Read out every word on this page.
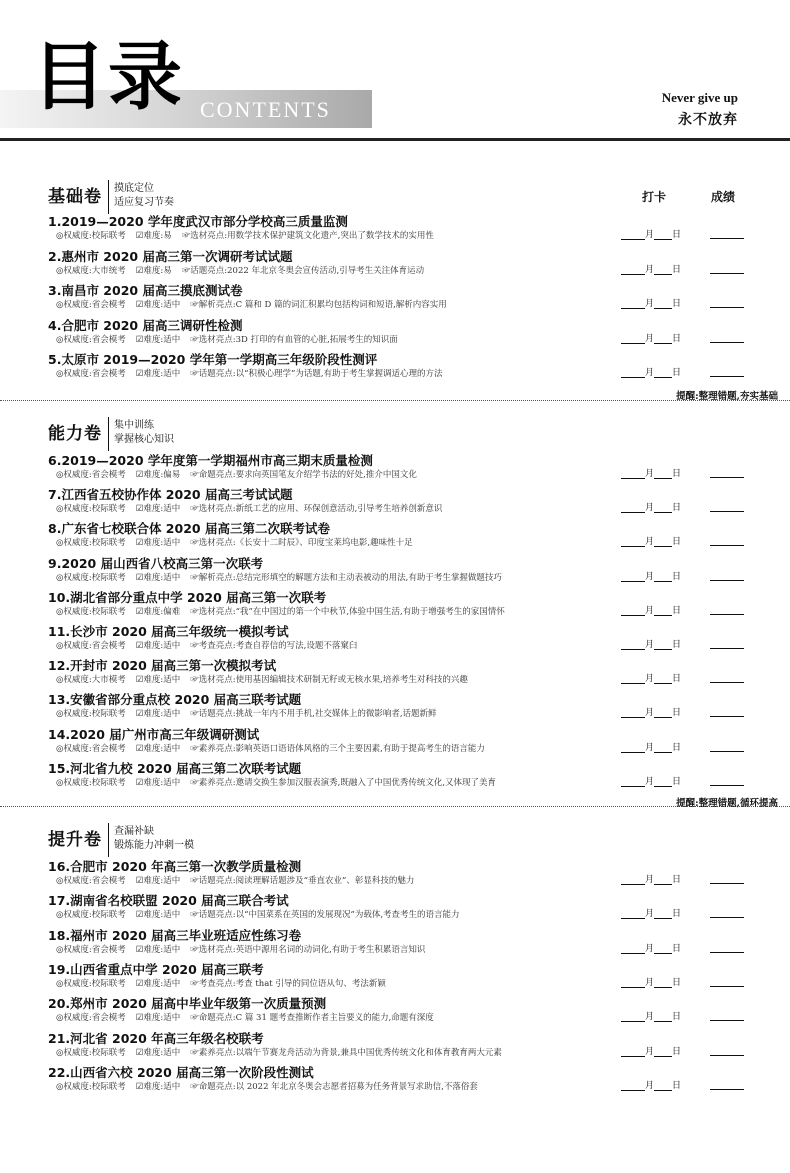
目录 CONTENTS	Never give up
永不放弃
打卡	成绩
基础卷	摸底定位
适应复习节奏
1.2019—2020 学年度武汉市部分学校高三质量监测
◎权威度:校际联考 ☑难度:易 ☞选材亮点:用数学技术保护建筑文化遗产,突出了数学技术的实用性	月 日
2.惠州市 2020 届高三第一次调研考试试题
◎权威度:大市统考 ☑难度:易 ☞话题亮点:2022 年北京冬奥会宣传活动,引导考生关注体育运动	月 日
3.南昌市 2020 届高三摸底测试卷
◎权威度:省会模考 ☑难度:适中 ☞解析亮点:C 篇和 D 篇的词汇积累均包括构词和短语,解析内容实用	月 日
4.合肥市 2020 届高三调研性检测
◎权威度:省会模考 ☑难度:适中 ☞选材亮点:3D 打印的有血管的心脏,拓展考生的知识面	月 日
5.太原市 2019—2020 学年第一学期高三年级阶段性测评
◎权威度:省会模考 ☑难度:适中 ☞话题亮点:以“积极心理学”为话题,有助于考生掌握调适心理的方法	月 日
提醒:整理错题,夯实基础
能力卷	集中训练
掌握核心知识
6.2019—2020 学年度第一学期福州市高三期末质量检测
◎权威度:省会模考 ☑难度:偏易 ☞命题亮点:要求向英国笔友介绍学书法的好处,推介中国文化	月 日
7.江西省五校协作体 2020 届高三考试试题
◎权威度:校际联考 ☑难度:适中 ☞选材亮点:新纸工艺的应用、环保创意活动,引导考生培养创新意识	月 日
8.广东省七校联合体 2020 届高三第二次联考试卷
◎权威度:校际联考 ☑难度:适中 ☞选材亮点:《长安十二时辰》、印度宝莱坞电影,趣味性十足	月 日
9.2020 届山西省八校高三第一次联考
◎权威度:校际联考 ☑难度:适中 ☞解析亮点:总结完形填空的解题方法和主动表被动的用法,有助于考生掌握做题技巧	月 日
10.湖北省部分重点中学 2020 届高三第一次联考
◎权威度:校际联考 ☑难度:偏难 ☞选材亮点:“我”在中国过的第一个中秋节,体验中国生活,有助于增强考生的家国情怀	月 日
11.长沙市 2020 届高三年级统一模拟考试
◎权威度:省会模考 ☑难度:适中 ☞考查亮点:考查自荐信的写法,设题不落窠臼	月 日
12.开封市 2020 届高三第一次模拟考试
◎权威度:大市模考 ☑难度:适中 ☞选材亮点:使用基因编辑技术研制无籽或无核水果,培养考生对科技的兴趣	月 日
13.安徽省部分重点校 2020 届高三联考试题
◎权威度:校际联考 ☑难度:适中 ☞话题亮点:挑战一年内不用手机,社交媒体上的微影响者,话题新鲜	月 日
14.2020 届广州市高三年级调研测试
◎权威度:省会模考 ☑难度:适中 ☞素养亮点:影响英语口语语体风格的三个主要因素,有助于提高考生的语言能力	月 日
15.河北省九校 2020 届高三第二次联考试题
◎权威度:校际联考 ☑难度:适中 ☞素养亮点:邀请交换生参加汉服表演秀,既融入了中国优秀传统文化,又体现了美育	月 日
提醒:整理错题,循环提高
提升卷	查漏补缺
锻炼能力冲刺一模
16.合肥市 2020 年高三第一次教学质量检测
◎权威度:省会模考 ☑难度:适中 ☞话题亮点:阅读理解话题涉及“垂直农业”、彰显科技的魅力	月 日
17.湖南省名校联盟 2020 届高三联合考试
◎权威度:校际联考 ☑难度:适中 ☞话题亮点:以“中国菜系在英国的发展现况”为载体,考查考生的语言能力	月 日
18.福州市 2020 届高三毕业班适应性练习卷
◎权威度:省会模考 ☑难度:适中 ☞选材亮点:英语中源用名词的动词化,有助于考生积累语言知识	月 日
19.山西省重点中学 2020 届高三联考
◎权威度:校际联考 ☑难度:适中 ☞考查亮点:考查 that 引导的同位语从句、考法新颖	月 日
20.郑州市 2020 届高中毕业年级第一次质量预测
◎权威度:省会模考 ☑难度:适中 ☞命题亮点:C 篇 31 题考查推断作者主旨要义的能力,命题有深度	月 日
21.河北省 2020 年高三年级名校联考
◎权威度:校际联考 ☑难度:适中 ☞素养亮点:以端午节赛龙舟活动为背景,兼具中国优秀传统文化和体育教育两大元素	月 日
22.山西省六校 2020 届高三第一次阶段性测试
◎权威度:校际联考 ☑难度:适中 ☞命题亮点:以 2022 年北京冬奥会志愿者招募为任务背景写求助信,不落俗套	月 日
